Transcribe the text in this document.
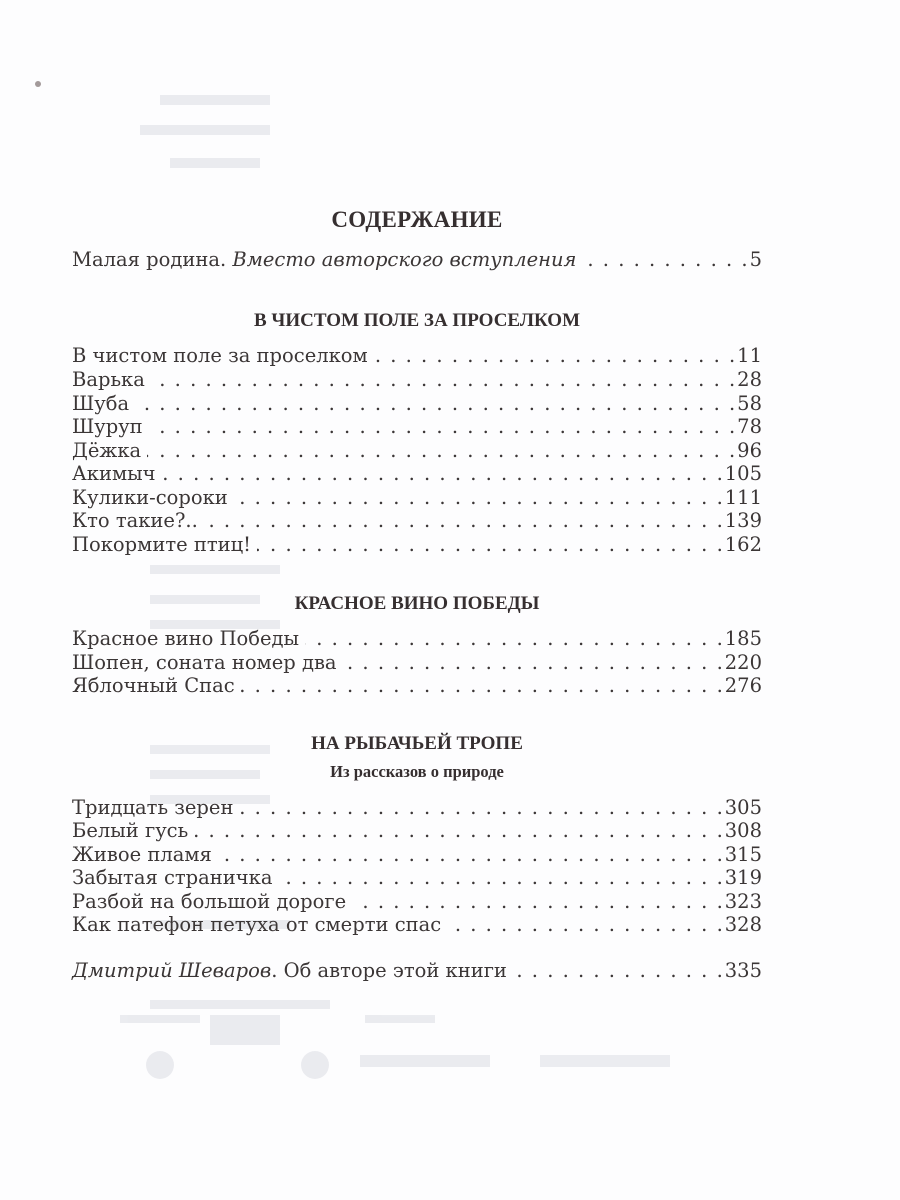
СОДЕРЖАНИЕ
Малая родина. Вместо авторского вступления . . .	5
В ЧИСТОМ ПОЛЕ ЗА ПРОСЕЛКОМ
В чистом поле за проселком . . .	11
Варька . . .	28
Шуба . . .	58
Шуруп . . .	78
Дёжка . . .	96
Акимыч . . .	105
Кулики-сороки . . .	111
Кто такие?.. . . .	139
Покормите птиц! . . .	162
КРАСНОЕ ВИНО ПОБЕДЫ
Красное вино Победы . . .	185
Шопен, соната номер два . . .	220
Яблочный Спас . . .	276
НА РЫБАЧЬЕЙ ТРОПЕ
Из рассказов о природе
Тридцать зерен . . .	305
Белый гусь . . .	308
Живое пламя . . .	315
Забытая страничка . . .	319
Разбой на большой дороге . . .	323
Как патефон петуха от смерти спас . . .	328
Дмитрий Шеваров. Об авторе этой книги . . .	335
